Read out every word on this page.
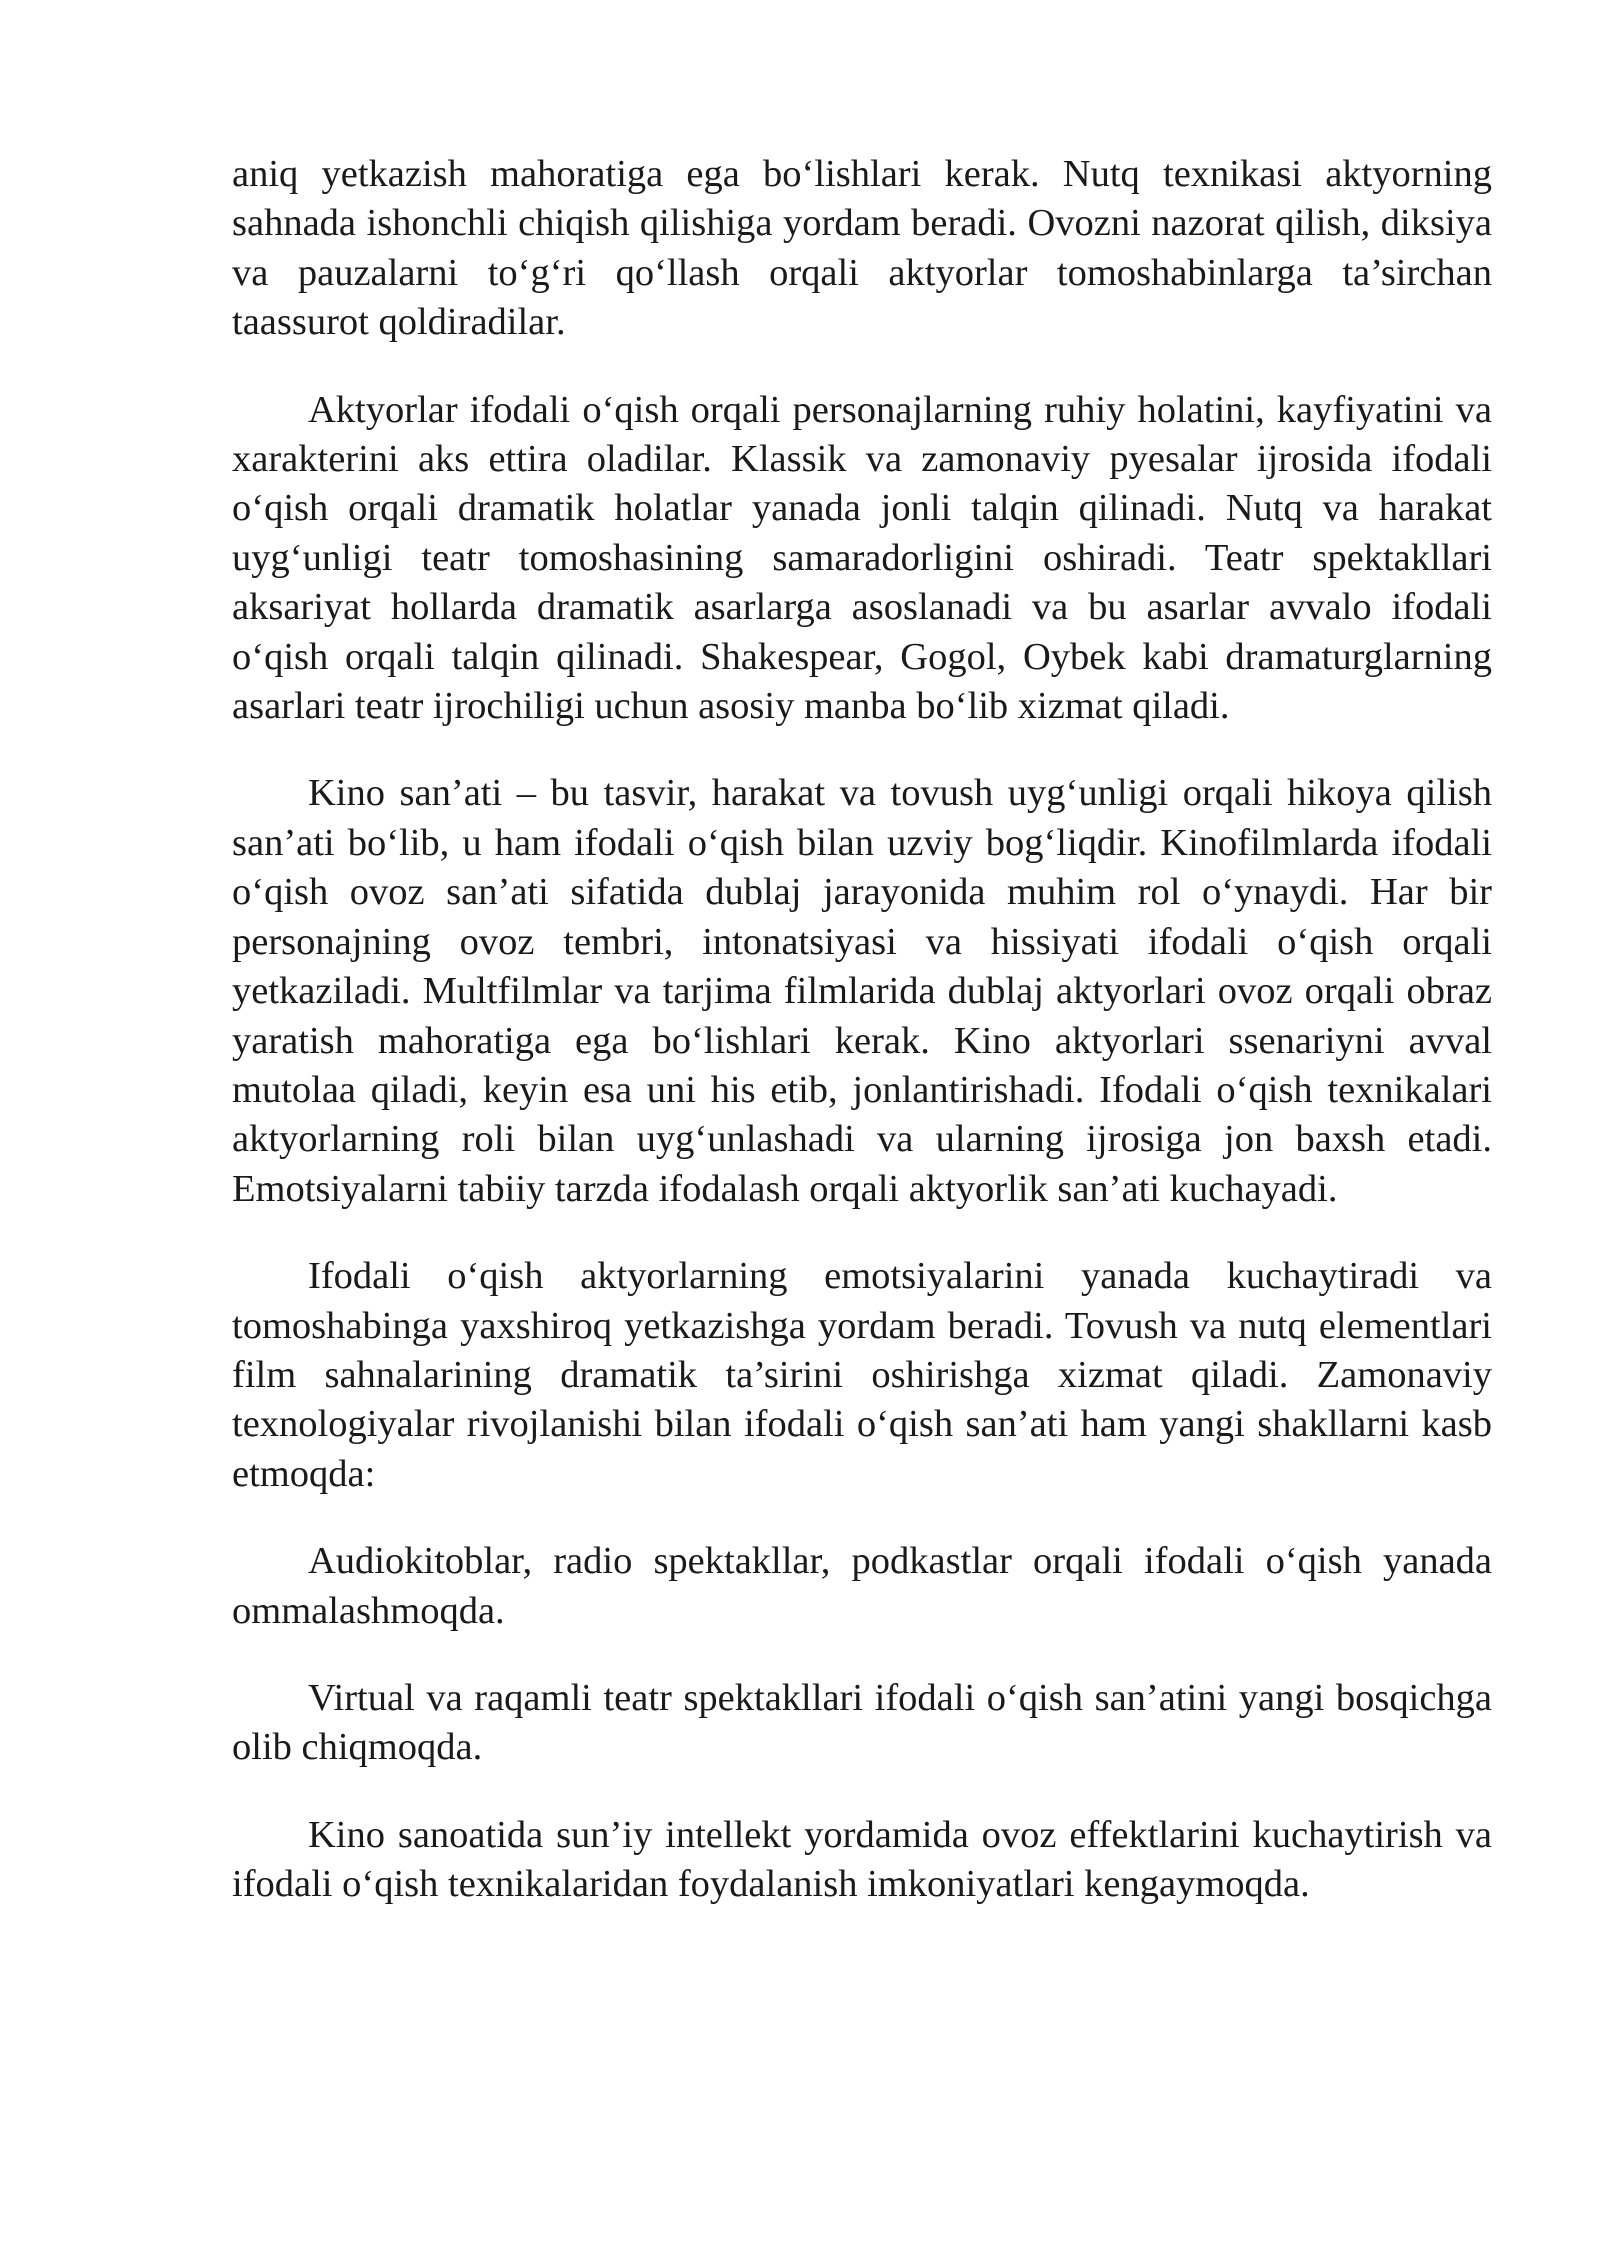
aniq yetkazish mahoratiga ega bo‘lishlari kerak. Nutq texnikasi aktyorning sahnada ishonchli chiqish qilishiga yordam beradi. Ovozni nazorat qilish, diksiya va pauzalarni to‘g‘ri qo‘llash orqali aktyorlar tomoshabinlarga ta’sirchan taassurot qoldiradilar.

Aktyorlar ifodali o‘qish orqali personajlarning ruhiy holatini, kayfiyatini va xarakterini aks ettira oladilar. Klassik va zamonaviy pyesalar ijrosida ifodali o‘qish orqali dramatik holatlar yanada jonli talqin qilinadi. Nutq va harakat uyg‘unligi teatr tomoshasining samaradorligini oshiradi. Teatr spektakllari aksariyat hollarda dramatik asarlarga asoslanadi va bu asarlar avvalo ifodali o‘qish orqali talqin qilinadi. Shakespear, Gogol, Oybek kabi dramaturglarning asarlari teatr ijrochiligi uchun asosiy manba bo‘lib xizmat qiladi.

Kino san’ati – bu tasvir, harakat va tovush uyg‘unligi orqali hikoya qilish san’ati bo‘lib, u ham ifodali o‘qish bilan uzviy bog‘liqdir. Kinofilmlarda ifodali o‘qish ovoz san’ati sifatida dublaj jarayonida muhim rol o‘ynaydi. Har bir personajning ovoz tembri, intonatsiyasi va hissiyati ifodali o‘qish orqali yetkaziladi. Multfilmlar va tarjima filmlarida dublaj aktyorlari ovoz orqali obraz yaratish mahoratiga ega bo‘lishlari kerak. Kino aktyorlari ssenariyni avval mutolaa qiladi, keyin esa uni his etib, jonlantirishadi. Ifodali o‘qish texnikalari aktyorlarning roli bilan uyg‘unlashadi va ularning ijrosiga jon baxsh etadi. Emotsiyalarni tabiiy tarzda ifodalash orqali aktyorlik san’ati kuchayadi.

Ifodali o‘qish aktyorlarning emotsiyalarini yanada kuchaytiradi va tomoshabinga yaxshiroq yetkazishga yordam beradi. Tovush va nutq elementlari film sahnalarining dramatik ta’sirini oshirishga xizmat qiladi. Zamonaviy texnologiyalar rivojlanishi bilan ifodali o‘qish san’ati ham yangi shakllarni kasb etmoqda:

Audiokitoblar, radio spektakllar, podkastlar orqali ifodali o‘qish yanada ommalashmoqda.

Virtual va raqamli teatr spektakllari ifodali o‘qish san’atini yangi bosqichga olib chiqmoqda.

Kino sanoatida sun’iy intellekt yordamida ovoz effektlarini kuchaytirish va ifodali o‘qish texnikalaridan foydalanish imkoniyatlari kengaymoqda.
